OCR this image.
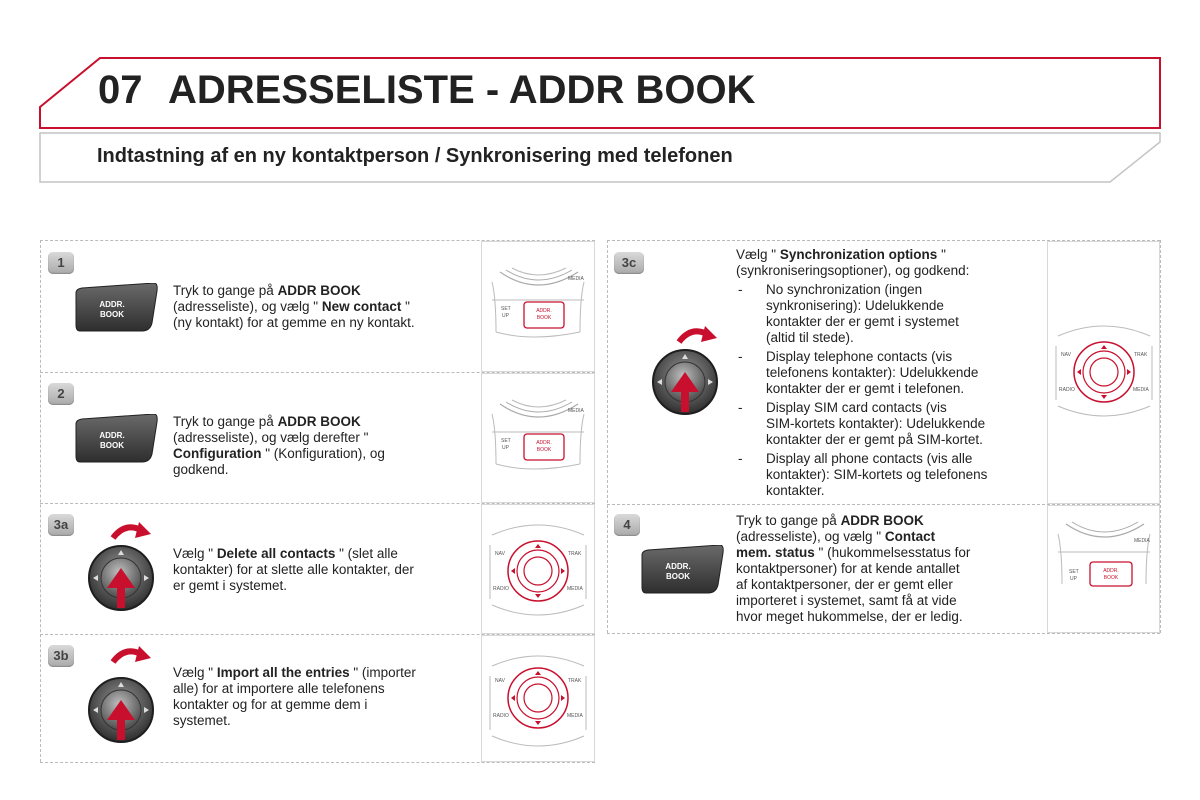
07 ADRESSELISTE - ADDR BOOK
Indtastning af en ny kontaktperson / Synkronisering med telefonen
1
ADDR.
BOOK
Tryk to gange på ADDR BOOK
(adresseliste), og vælg " New contact "
(ny kontakt) for at gemme en ny kontakt.
MEDIA
SET
UP
ADDR.
BOOK
2
ADDR.
BOOK
Tryk to gange på ADDR BOOK
(adresseliste), og vælg derefter "
Configuration " (Konfiguration), og
godkend.
MEDIA
SET
UP
ADDR.
BOOK
3a
Vælg " Delete all contacts " (slet alle
kontakter) for at slette alle kontakter, der
er gemt i systemet.
NAV	TRAK
RADIO	MEDIA
3b
Vælg " Import all the entries " (importer
alle) for at importere alle telefonens
kontakter og for at gemme dem i
systemet.
NAV	TRAK
RADIO	MEDIA
3c
Vælg " Synchronization options "
(synkroniseringsoptioner), og godkend:
- No synchronization (ingen
synkronisering): Udelukkende
kontakter der er gemt i systemet
(altid til stede).
- Display telephone contacts (vis
telefonens kontakter): Udelukkende
kontakter der er gemt i telefonen.
- Display SIM card contacts (vis
SIM-kortets kontakter): Udelukkende
kontakter der er gemt på SIM-kortet.
- Display all phone contacts (vis alle
kontakter): SIM-kortets og telefonens
kontakter.
NAV	TRAK
RADIO	MEDIA
4
ADDR.
BOOK
Tryk to gange på ADDR BOOK
(adresseliste), og vælg " Contact
mem. status " (hukommelsesstatus for
kontaktpersoner) for at kende antallet
af kontaktpersoner, der er gemt eller
importeret i systemet, samt få at vide
hvor meget hukommelse, der er ledig.
MEDIA
SET
UP
ADDR.
BOOK
